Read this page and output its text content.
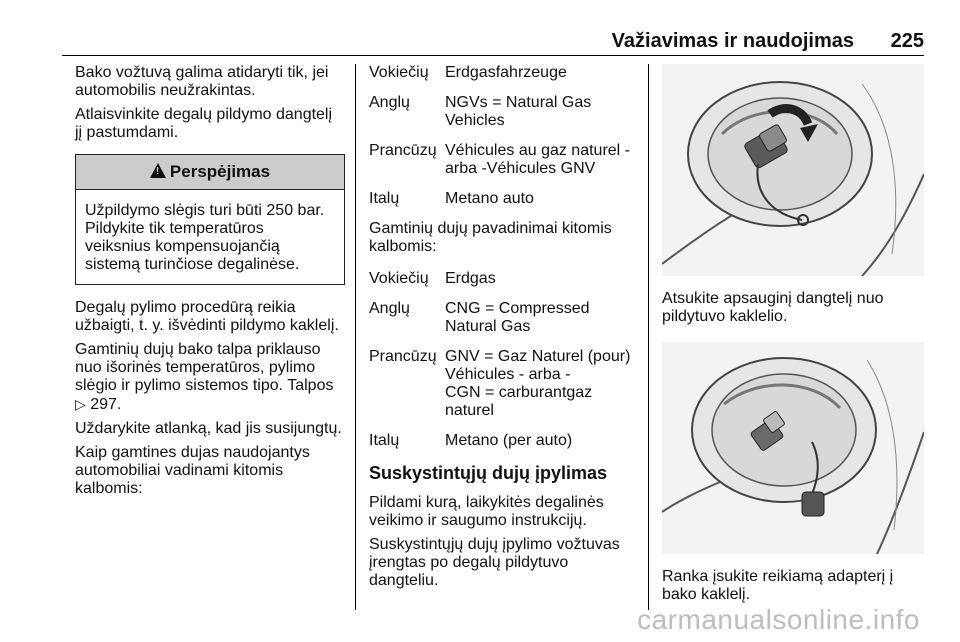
Važiavimas ir naudojimas 225

Bako vožtuvą galima atidaryti tik, jei
automobilis neužrakintas.

Atlaisvinkite degalų pildymo dangtelį
jį pastumdami.

! Perspėjimas
Užpildymo slėgis turi būti 250 bar.
Pildykite tik temperatūros
veiksnius kompensuojančią
sistemą turinčiose degalinėse.

Degalų pylimo procedūrą reikia
užbaigti, t. y. išvėdinti pildymo kaklelį.

Gamtinių dujų bako talpa priklauso
nuo išorinės temperatūros, pylimo
slėgio ir pylimo sistemos tipo. Talpos
▷ 297.

Uždarykite atlanką, kad jis susijungtų.

Kaip gamtines dujas naudojantys
automobiliai vadinami kitomis
kalbomis:

Vokiečių	Erdgasfahrzeuge
Anglų	NGVs = Natural Gas
Vehicles
Prancūzų Véhicules au gaz naturel -
arba -Véhicules GNV
Italų	Metano auto

Gamtinių dujų pavadinimai kitomis
kalbomis:

Vokiečių	Erdgas
Anglų	CNG = Compressed
Natural Gas
Prancūzų GNV = Gaz Naturel (pour)
Véhicules - arba -
CGN = carburantgaz
naturel
Italų	Metano (per auto)
Suskystintųjų dujų įpylimas

Pildami kurą, laikykitės degalinės
veikimo ir saugumo instrukcijų.

Suskystintųjų dujų įpylimo vožtuvas
įrengtas po degalų pildytuvo
dangteliu.

Atsukite apsauginį dangtelį nuo
pildytuvo kaklelio.
Ranka įsukite reikiamą adapterį į
bako kaklelį.
carmanualsonline.info
